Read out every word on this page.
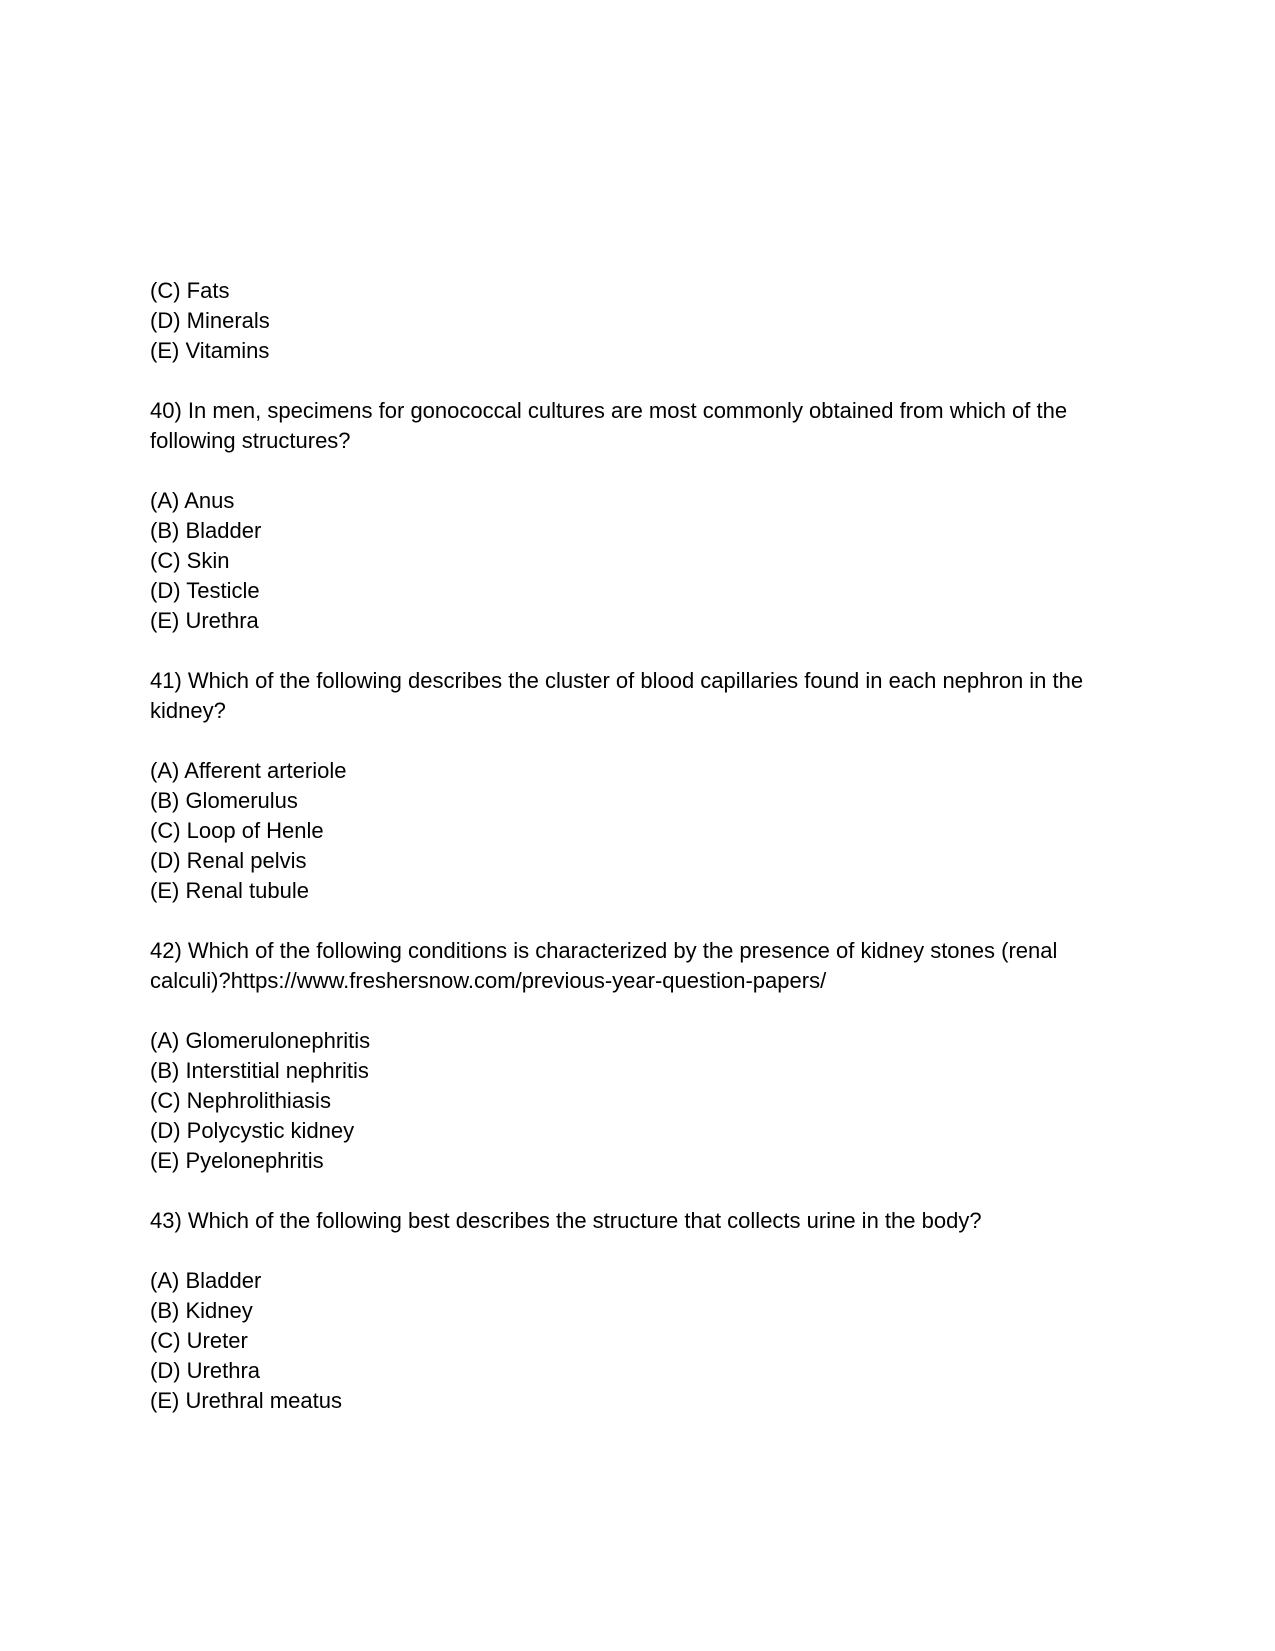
(C) Fats
(D) Minerals
(E) Vitamins
40) In men, specimens for gonococcal cultures are most commonly obtained from which of the following structures?
(A) Anus
(B) Bladder
(C) Skin
(D) Testicle
(E) Urethra
41) Which of the following describes the cluster of blood capillaries found in each nephron in the kidney?
(A) Afferent arteriole
(B) Glomerulus
(C) Loop of Henle
(D) Renal pelvis
(E) Renal tubule
42) Which of the following conditions is characterized by the presence of kidney stones (renal calculi)?https://www.freshersnow.com/previous-year-question-papers/
(A) Glomerulonephritis
(B) Interstitial nephritis
(C) Nephrolithiasis
(D) Polycystic kidney
(E) Pyelonephritis
43) Which of the following best describes the structure that collects urine in the body?
(A) Bladder
(B) Kidney
(C) Ureter
(D) Urethra
(E) Urethral meatus
